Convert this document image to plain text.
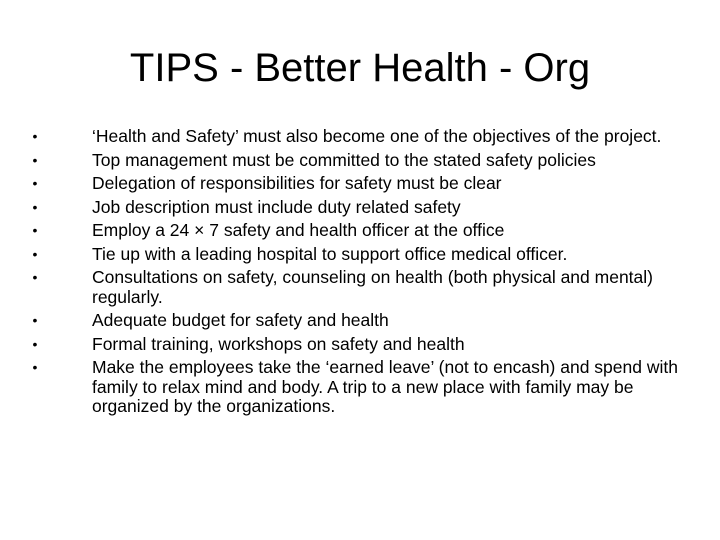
TIPS - Better Health - Org
•	‘Health and Safety’ must also become one of the objectives of the project.
•	Top management must be committed to the stated safety policies
•	Delegation of responsibilities for safety must be clear
•	Job description must include duty related safety
•	Employ a 24 × 7 safety and health officer at the office
•	Tie up with a leading hospital to support office medical officer.
•	Consultations on safety, counseling on health (both physical and mental) regularly.
•	Adequate budget for safety and health
•	Formal training, workshops on safety and health
•	Make the employees take the ‘earned leave’ (not to encash) and spend with family to relax mind and body. A trip to a new place with family may be organized by the organizations.
